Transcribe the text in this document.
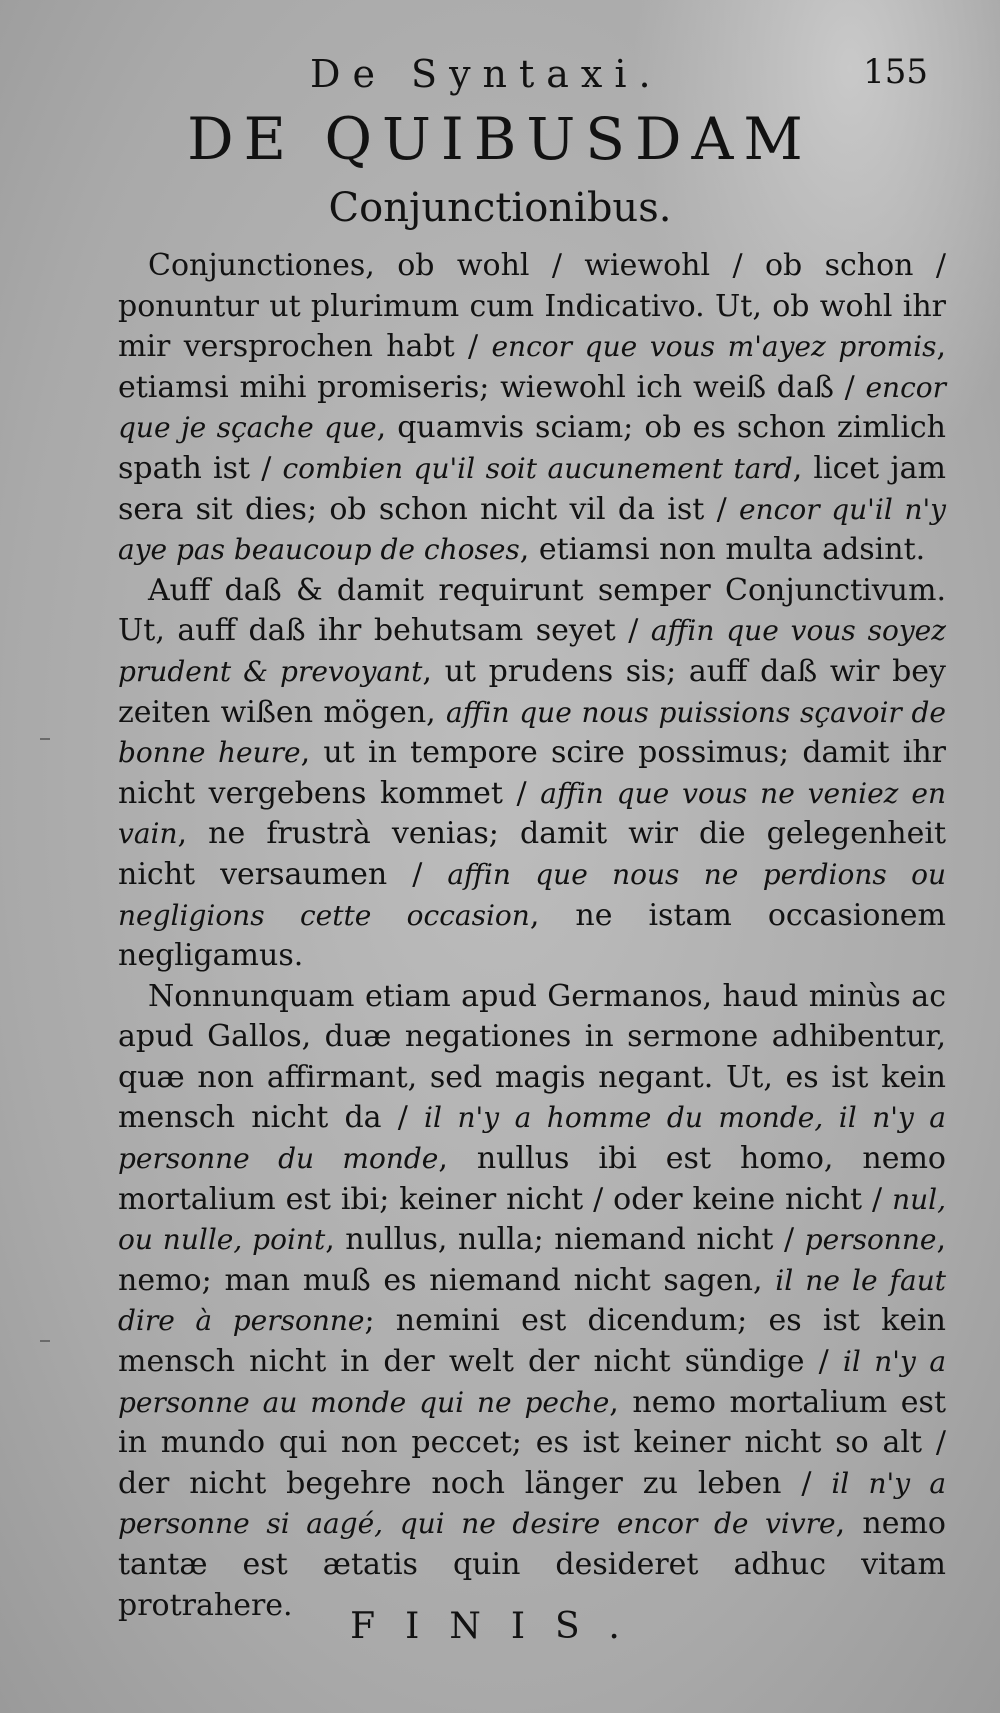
De Syntaxi.	155
DE QUIBUSDAM
Conjunctionibus.

Conjunctiones, ob wohl / wiewohl / ob schon / ponuntur ut plurimum cum Indicativo. Ut, ob wohl ihr mir versprochen habt / encor que vous m'ayez promis, etiamsi mihi promiseris; wiewohl ich weiß daß / encor que je sçache que, quamvis sciam; ob es schon zimlich spath ist / combien qu'il soit aucunement tard, licet jam sera sit dies; ob schon nicht vil da ist / encor qu'il n'y aye pas beaucoup de choses, etiamsi non multa adsint.

Auff daß & damit requirunt semper Conjunctivum. Ut, auff daß ihr behutsam seyet / affin que vous soyez prudent & prevoyant, ut prudens sis; auff daß wir bey zeiten wißen mögen, affin que nous puissions sçavoir de bonne heure, ut in tempore scire possimus; damit ihr nicht vergebens kommet / affin que vous ne veniez en vain, ne frustrà venias; damit wir die gelegenheit nicht versaumen / affin que nous ne perdions ou negligions cette occasion, ne istam occasionem negligamus.

Nonnunquam etiam apud Germanos, haud minùs ac apud Gallos, duæ negationes in sermone adhibentur, quæ non affirmant, sed magis negant. Ut, es ist kein mensch nicht da / il n'y a homme du monde, il n'y a personne du monde, nullus ibi est homo, nemo mortalium est ibi; keiner nicht / oder keine nicht / nul, ou nulle, point, nullus, nulla; niemand nicht / personne, nemo; man muß es niemand nicht sagen, il ne le faut dire à personne; nemini est dicendum; es ist kein mensch nicht in der welt der nicht sündige / il n'y a personne au monde qui ne peche, nemo mortalium est in mundo qui non peccet; es ist keiner nicht so alt / der nicht begehre noch länger zu leben / il n'y a personne si aagé, qui ne desire encor de vivre, nemo tantæ est ætatis quin desideret adhuc vitam protrahere.

FINIS.
